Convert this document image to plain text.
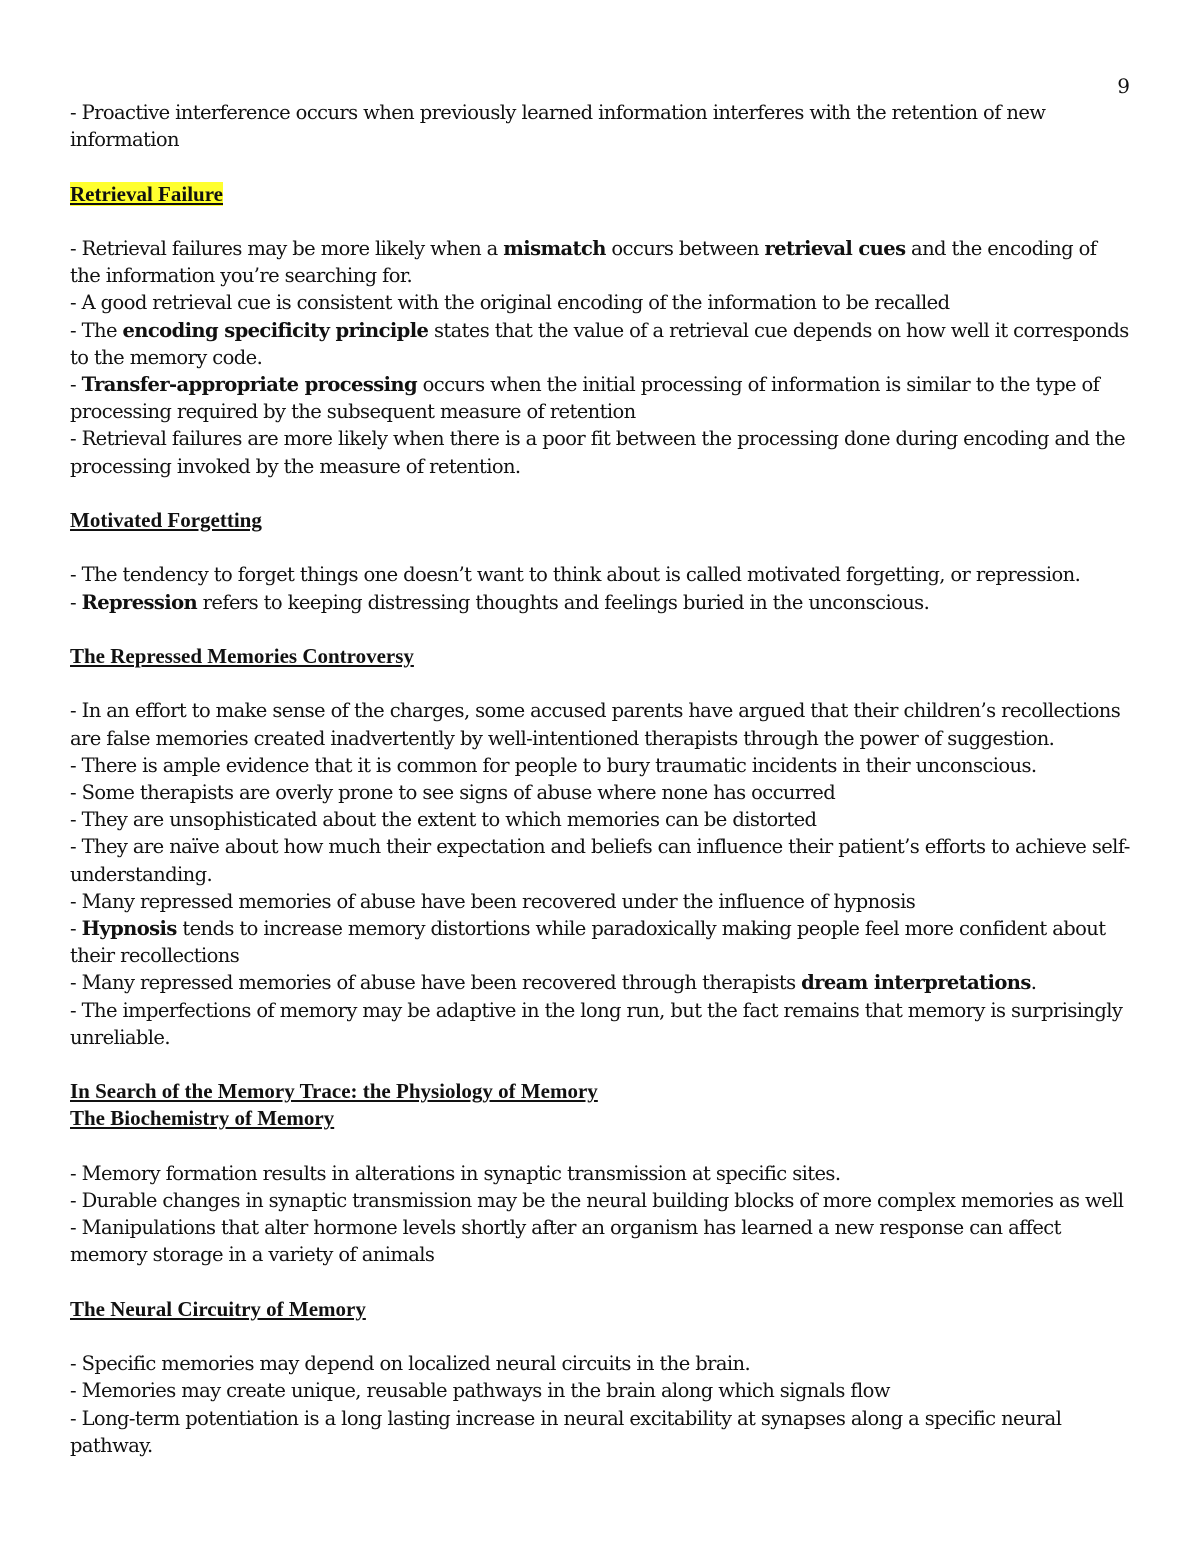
9

- Proactive interference occurs when previously learned information interferes with the retention of new information

Retrieval Failure

- Retrieval failures may be more likely when a mismatch occurs between retrieval cues and the encoding of the information you’re searching for.

- A good retrieval cue is consistent with the original encoding of the information to be recalled

- The encoding specificity principle states that the value of a retrieval cue depends on how well it corresponds to the memory code.

- Transfer-appropriate processing occurs when the initial processing of information is similar to the type of processing required by the subsequent measure of retention

- Retrieval failures are more likely when there is a poor fit between the processing done during encoding and the processing invoked by the measure of retention.

Motivated Forgetting

- The tendency to forget things one doesn’t want to think about is called motivated forgetting, or repression.

- Repression refers to keeping distressing thoughts and feelings buried in the unconscious.

The Repressed Memories Controversy

- In an effort to make sense of the charges, some accused parents have argued that their children’s recollections are false memories created inadvertently by well-intentioned therapists through the power of suggestion.

- There is ample evidence that it is common for people to bury traumatic incidents in their unconscious.

- Some therapists are overly prone to see signs of abuse where none has occurred

- They are unsophisticated about the extent to which memories can be distorted

- They are naïve about how much their expectation and beliefs can influence their patient’s efforts to achieve self-understanding.

- Many repressed memories of abuse have been recovered under the influence of hypnosis

- Hypnosis tends to increase memory distortions while paradoxically making people feel more confident about their recollections

- Many repressed memories of abuse have been recovered through therapists dream interpretations.

- The imperfections of memory may be adaptive in the long run, but the fact remains that memory is surprisingly unreliable.

In Search of the Memory Trace: the Physiology of Memory

The Biochemistry of Memory

- Memory formation results in alterations in synaptic transmission at specific sites.

- Durable changes in synaptic transmission may be the neural building blocks of more complex memories as well

- Manipulations that alter hormone levels shortly after an organism has learned a new response can affect memory storage in a variety of animals

The Neural Circuitry of Memory

- Specific memories may depend on localized neural circuits in the brain.

- Memories may create unique, reusable pathways in the brain along which signals flow

- Long-term potentiation is a long lasting increase in neural excitability at synapses along a specific neural pathway.
